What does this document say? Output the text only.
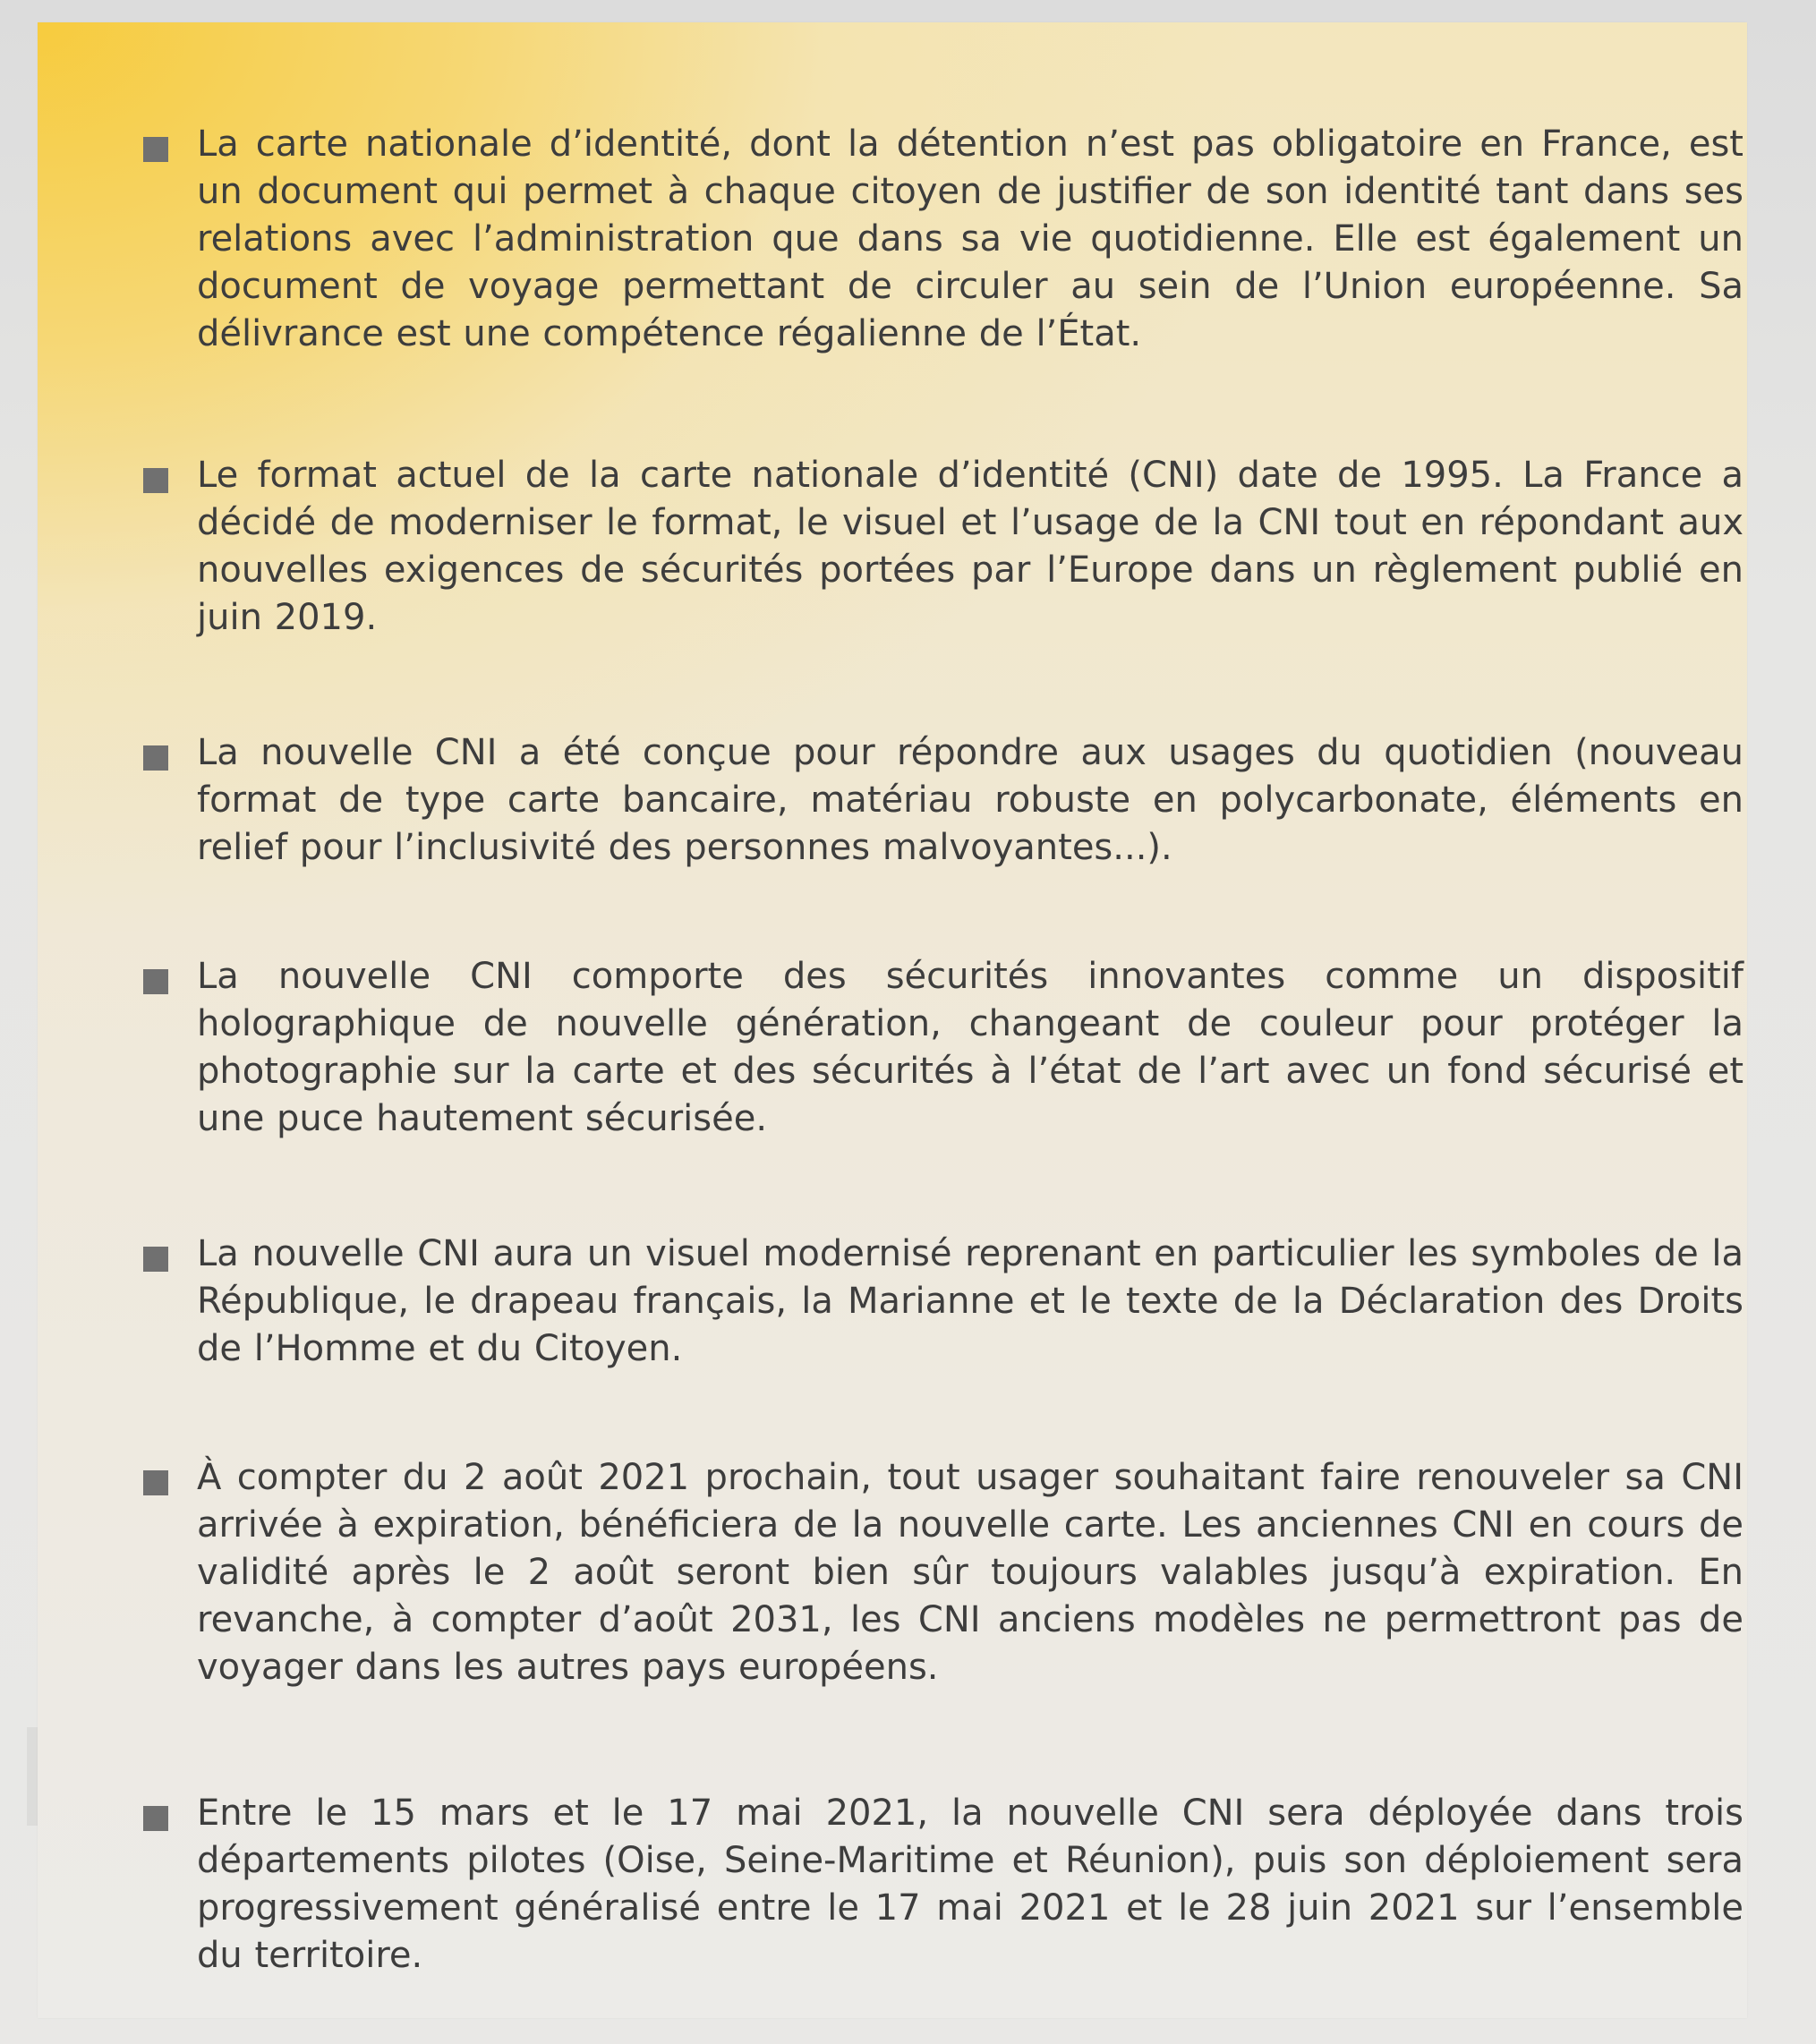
La carte nationale d’identité, dont la détention n’est pas obligatoire en France, est un document qui permet à chaque citoyen de justifier de son identité tant dans ses relations avec l’administration que dans sa vie quotidienne. Elle est également un document de voyage permettant de circuler au sein de l’Union européenne. Sa délivrance est une compétence régalienne de l’État.

Le format actuel de la carte nationale d’identité (CNI) date de 1995. La France a décidé de moderniser le format, le visuel et l’usage de la CNI tout en répondant aux nouvelles exigences de sécurités portées par l’Europe dans un règlement publié en juin 2019.

La nouvelle CNI a été conçue pour répondre aux usages du quotidien (nouveau format de type carte bancaire, matériau robuste en polycarbonate, éléments en relief pour l’inclusivité des personnes malvoyantes...).

La nouvelle CNI comporte des sécurités innovantes comme un dispositif holographique de nouvelle génération, changeant de couleur pour protéger la photographie sur la carte et des sécurités à l’état de l’art avec un fond sécurisé et une puce hautement sécurisée.

La nouvelle CNI aura un visuel modernisé reprenant en particulier les symboles de la République, le drapeau français, la Marianne et le texte de la Déclaration des Droits de l’Homme et du Citoyen.

À compter du 2 août 2021 prochain, tout usager souhaitant faire renouveler sa CNI arrivée à expiration, bénéficiera de la nouvelle carte. Les anciennes CNI en cours de validité après le 2 août seront bien sûr toujours valables jusqu’à expiration. En revanche, à compter d’août 2031, les CNI anciens modèles ne permettront pas de voyager dans les autres pays européens.

Entre le 15 mars et le 17 mai 2021, la nouvelle CNI sera déployée dans trois départements pilotes (Oise, Seine-Maritime et Réunion), puis son déploiement sera progressivement généralisé entre le 17 mai 2021 et le 28 juin 2021 sur l’ensemble du territoire.
